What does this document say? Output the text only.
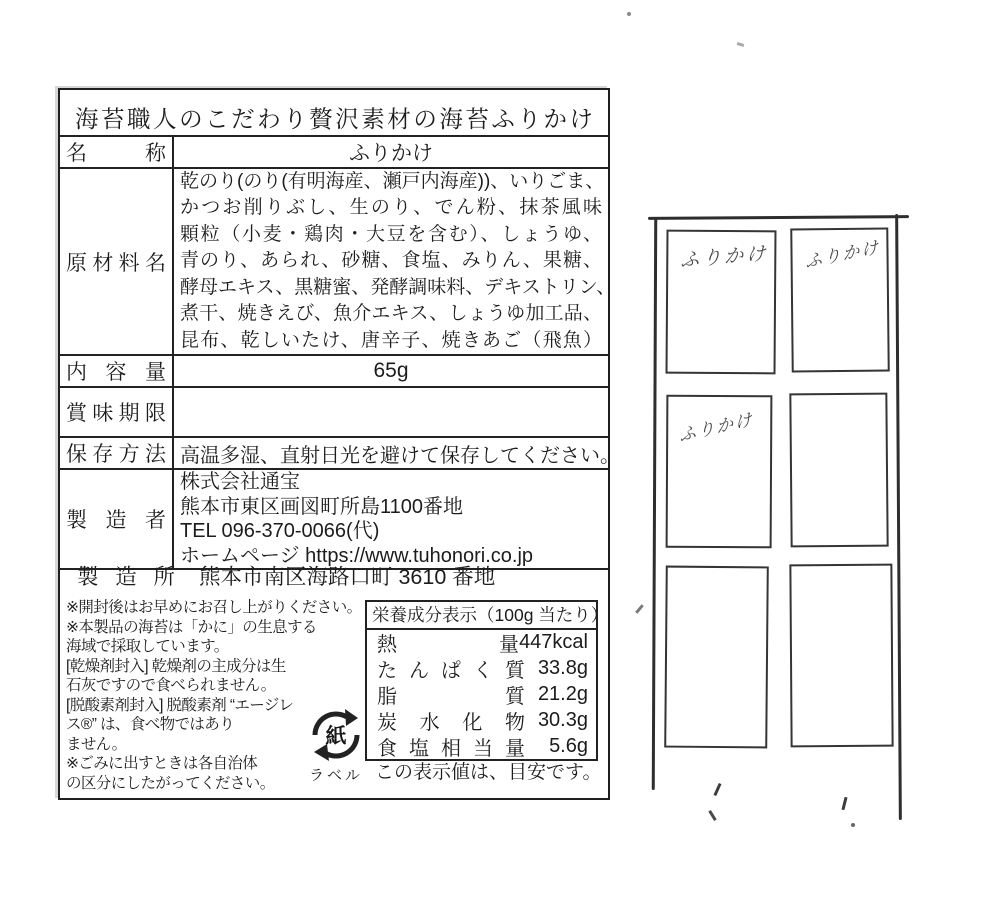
海苔職人のこだわり贅沢素材の海苔ふりかけ
名称	ふりかけ

原材料名

乾のり(のり(有明海産、瀬戸内海産))、いりごま、
かつお削りぶし、生のり、でん粉、抹茶風味
顆粒（小麦・鶏肉・大豆を含む）、しょうゆ、
青のり、あられ、砂糖、食塩、みりん、果糖、
酵母エキス、黒糖蜜、発酵調味料、デキストリン、
煮干、焼きえび、魚介エキス、しょうゆ加工品、
昆布、乾しいたけ、唐辛子、焼きあご（飛魚）

内容量	65g

賞味期限	

保存方法	高温多湿、直射日光を避けて保存してください。

製造者	株式会社通宝
熊本市東区画図町所島1100番地
TEL 096-370-0066(代)
ホームページ https://www.tuhonori.co.jp
製造所 熊本市南区海路口町 3610 番地
※開封後はお早めにお召し上がりください。
※本製品の海苔は「かに」の生息する
海域で採取しています。
[乾燥剤封入] 乾燥剤の主成分は生
石灰ですので食べられません。
[脱酸素剤封入] 脱酸素剤 “エージレ
ス®” は、食べ物ではあり
ません。
※ごみに出すときは各自治体
の区分にしたがってください。
紙
ラベル
栄養成分表示（100g 当たり）
熱量 447kcal
たんぱく質 33.8g
脂質 21.2g
炭水化物 30.3g
食塩相当量 5.6g
この表示値は、目安です。
ふりかけ	ふりかけ
ふりかけ
